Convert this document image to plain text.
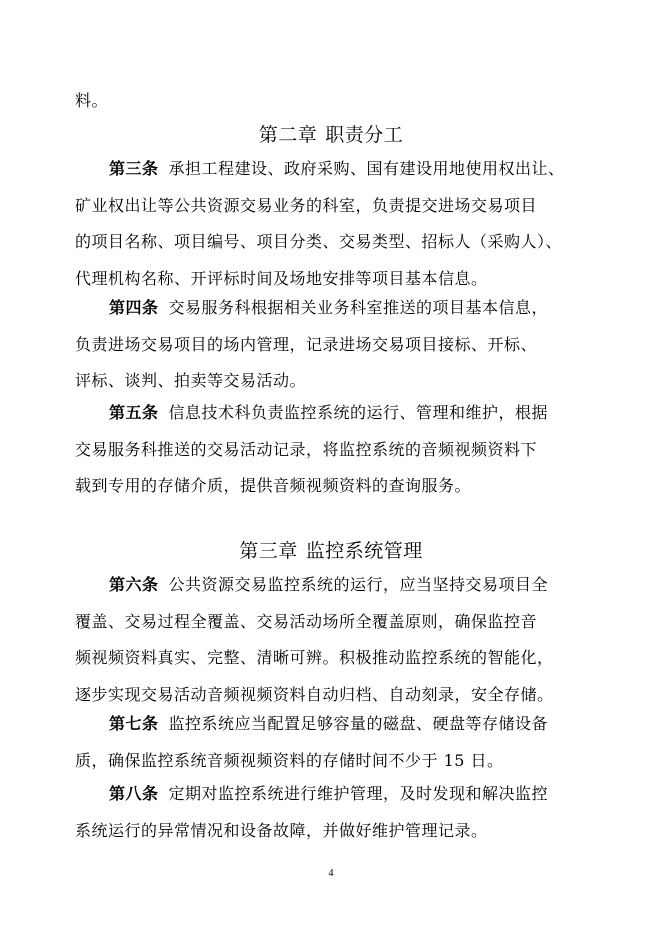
料。
第二章 职责分工
第三条 承担工程建设、政府采购、国有建设用地使用权出让、
矿业权出让等公共资源交易业务的科室，负责提交进场交易项目
的项目名称、项目编号、项目分类、交易类型、招标人（采购人）、
代理机构名称、开评标时间及场地安排等项目基本信息。
第四条 交易服务科根据相关业务科室推送的项目基本信息，
负责进场交易项目的场内管理，记录进场交易项目接标、开标、
评标、谈判、拍卖等交易活动。
第五条 信息技术科负责监控系统的运行、管理和维护，根据
交易服务科推送的交易活动记录，将监控系统的音频视频资料下
载到专用的存储介质，提供音频视频资料的查询服务。
第三章 监控系统管理
第六条 公共资源交易监控系统的运行，应当坚持交易项目全
覆盖、交易过程全覆盖、交易活动场所全覆盖原则，确保监控音
频视频资料真实、完整、清晰可辨。积极推动监控系统的智能化，
逐步实现交易活动音频视频资料自动归档、自动刻录，安全存储。
第七条 监控系统应当配置足够容量的磁盘、硬盘等存储设备
质，确保监控系统音频视频资料的存储时间不少于 15 日。
第八条 定期对监控系统进行维护管理，及时发现和解决监控
系统运行的异常情况和设备故障，并做好维护管理记录。
4
